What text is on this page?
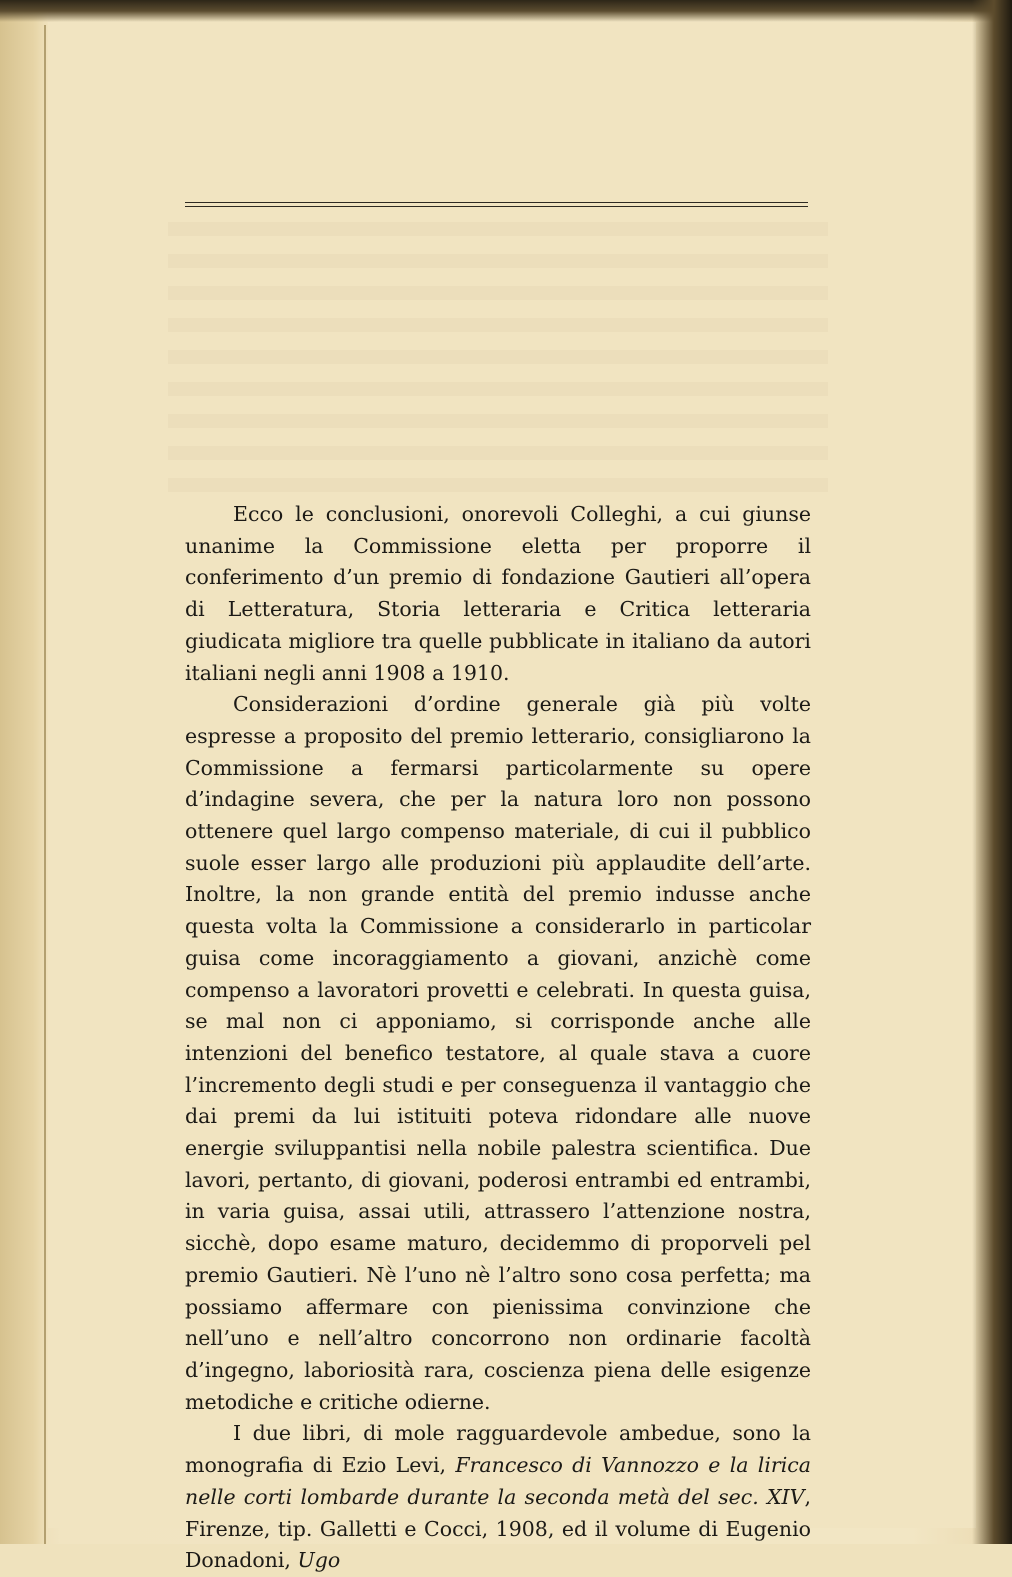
Ecco le conclusioni, onorevoli Colleghi, a cui giunse unanime la Commissione eletta per proporre il conferimento d’un premio di fondazione Gautieri all’opera di Letteratura, Storia letteraria e Critica letteraria giudicata migliore tra quelle pubblicate in italiano da autori italiani negli anni 1908 a 1910.

Considerazioni d’ordine generale già più volte espresse a proposito del premio letterario, consigliarono la Commissione a fermarsi particolarmente su opere d’indagine severa, che per la natura loro non possono ottenere quel largo compenso materiale, di cui il pubblico suole esser largo alle produzioni più applaudite dell’arte. Inoltre, la non grande entità del premio indusse anche questa volta la Commissione a considerarlo in particolar guisa come incoraggiamento a giovani, anzichè come compenso a lavoratori provetti e celebrati. In questa guisa, se mal non ci apponiamo, si corrisponde anche alle intenzioni del benefico testatore, al quale stava a cuore l’incremento degli studi e per conseguenza il vantaggio che dai premi da lui istituiti poteva ridondare alle nuove energie sviluppantisi nella nobile palestra scientifica. Due lavori, pertanto, di giovani, poderosi entrambi ed entrambi, in varia guisa, assai utili, attrassero l’attenzione nostra, sicchè, dopo esame maturo, decidemmo di proporveli pel premio Gautieri. Nè l’uno nè l’altro sono cosa perfetta; ma possiamo affermare con pienissima convinzione che nell’uno e nell’altro concorrono non ordinarie facoltà d’ingegno, laboriosità rara, coscienza piena delle esigenze metodiche e critiche odierne.

I due libri, di mole ragguardevole ambedue, sono la monografia di Ezio Levi, Francesco di Vannozzo e la lirica nelle corti lombarde durante la seconda metà del sec. XIV, Firenze, tip. Galletti e Cocci, 1908, ed il volume di Eugenio Donadoni, Ugo
